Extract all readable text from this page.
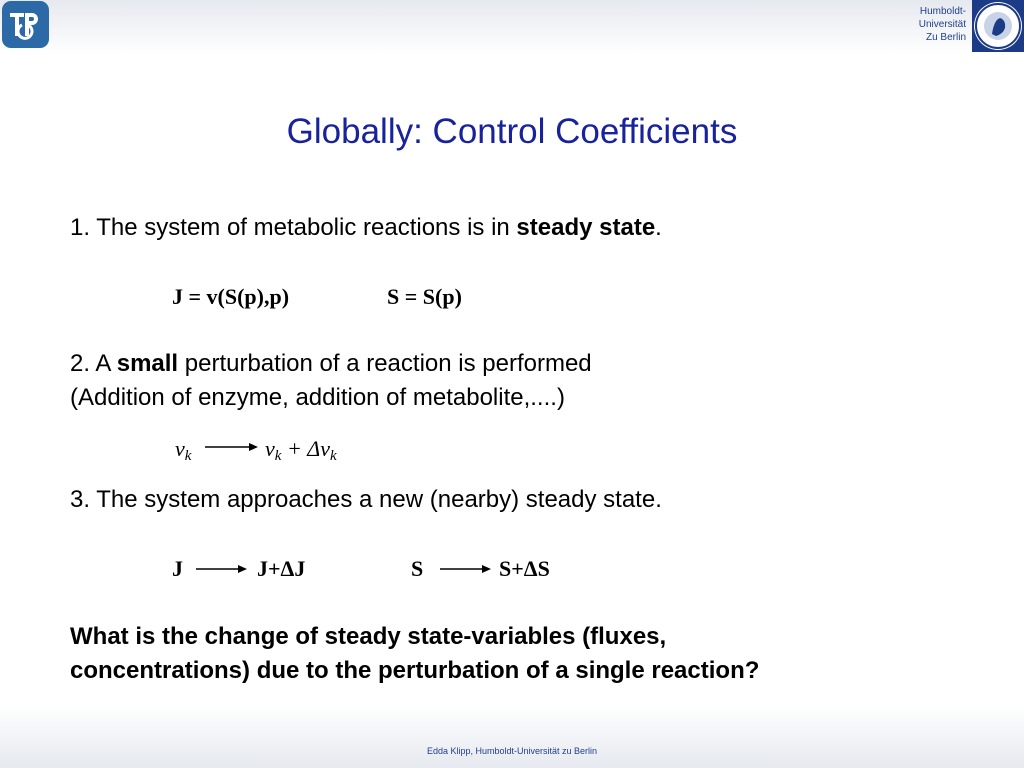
Humboldt-
Universität
Zu Berlin
Globally: Control Coefficients

1. The system of metabolic reactions is in steady state.

J = v(S(p),p)	S = S(p)

2. A small perturbation of a reaction is performed
(Addition of enzyme, addition of metabolite,....)

vk	vk + Δvk

3. The system approaches a new (nearby) steady state.

J	J+ΔJ	S	S+ΔS

What is the change of steady state-variables (fluxes,
concentrations) due to the perturbation of a single reaction?

Edda Klipp, Humboldt-Universität zu Berlin
